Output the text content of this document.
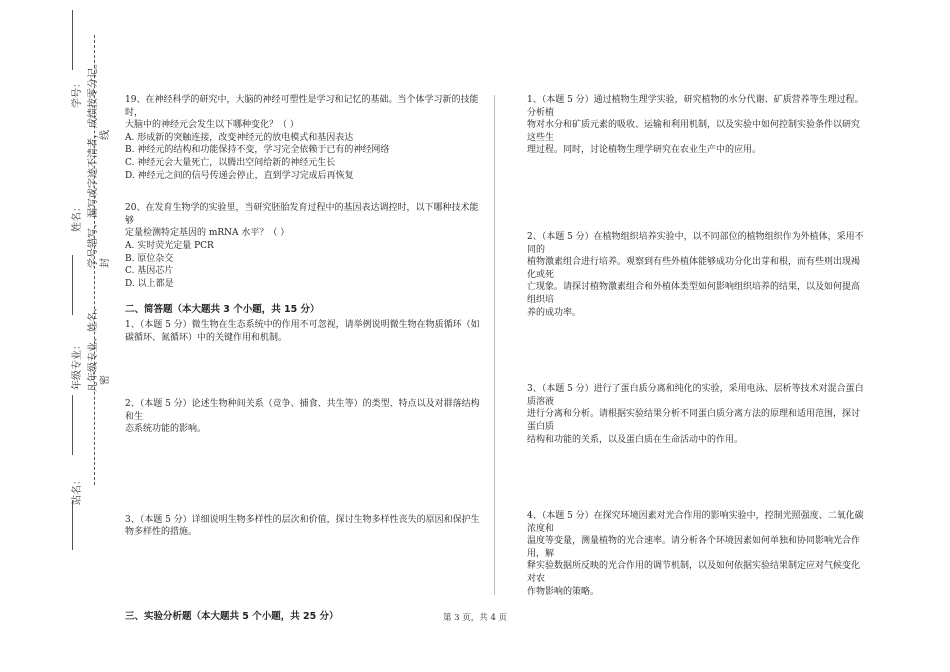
学号： 学号错写、漏写或字迹不清者，成绩按零分记。 线
姓名：
封
年级专业： 凡年级专业、姓名、 密
站名：

19、在神经科学的研究中，大脑的神经可塑性是学习和记忆的基础。当个体学习新的技能时，

大脑中的神经元会发生以下哪种变化？（ ）

A. 形成新的突触连接，改变神经元的放电模式和基因表达

B. 神经元的结构和功能保持不变，学习完全依赖于已有的神经网络

C. 神经元会大量死亡，以腾出空间给新的神经元生长

D. 神经元之间的信号传递会停止，直到学习完成后再恢复

20、在发育生物学的实验里，当研究胚胎发育过程中的基因表达调控时，以下哪种技术能够

定量检测特定基因的 mRNA 水平？（ ）

A. 实时荧光定量 PCR

B. 原位杂交

C. 基因芯片

D. 以上都是

二、简答题（本大题共 3 个小题，共 15 分）

1、（本题 5 分）微生物在生态系统中的作用不可忽视，请举例说明微生物在物质循环（如

碳循环、氮循环）中的关键作用和机制。

2、（本题 5 分）论述生物种间关系（竞争、捕食、共生等）的类型、特点以及对群落结构和生

态系统功能的影响。

3、（本题 5 分）详细说明生物多样性的层次和价值，探讨生物多样性丧失的原因和保护生

物多样性的措施。

三、实验分析题（本大题共 5 个小题，共 25 分）

1、（本题 5 分）通过植物生理学实验，研究植物的水分代谢、矿质营养等生理过程。分析植

物对水分和矿质元素的吸收、运输和利用机制，以及实验中如何控制实验条件以研究这些生

理过程。同时，讨论植物生理学研究在农业生产中的应用。

2、（本题 5 分）在植物组织培养实验中，以不同部位的植物组织作为外植体，采用不同的

植物激素组合进行培养。观察到有些外植体能够成功分化出芽和根，而有些则出现褐化或死

亡现象。请探讨植物激素组合和外植体类型如何影响组织培养的结果，以及如何提高组织培

养的成功率。

3、（本题 5 分）进行了蛋白质分离和纯化的实验，采用电泳、层析等技术对混合蛋白质溶液

进行分离和分析。请根据实验结果分析不同蛋白质分离方法的原理和适用范围，探讨蛋白质

结构和功能的关系，以及蛋白质在生命活动中的作用。

4、（本题 5 分）在探究环境因素对光合作用的影响实验中，控制光照强度、二氧化碳浓度和

温度等变量，测量植物的光合速率。请分析各个环境因素如何单独和协同影响光合作用，解

释实验数据所反映的光合作用的调节机制，以及如何依据实验结果制定应对气候变化对农

作物影响的策略。

第 3 页，共 4 页
